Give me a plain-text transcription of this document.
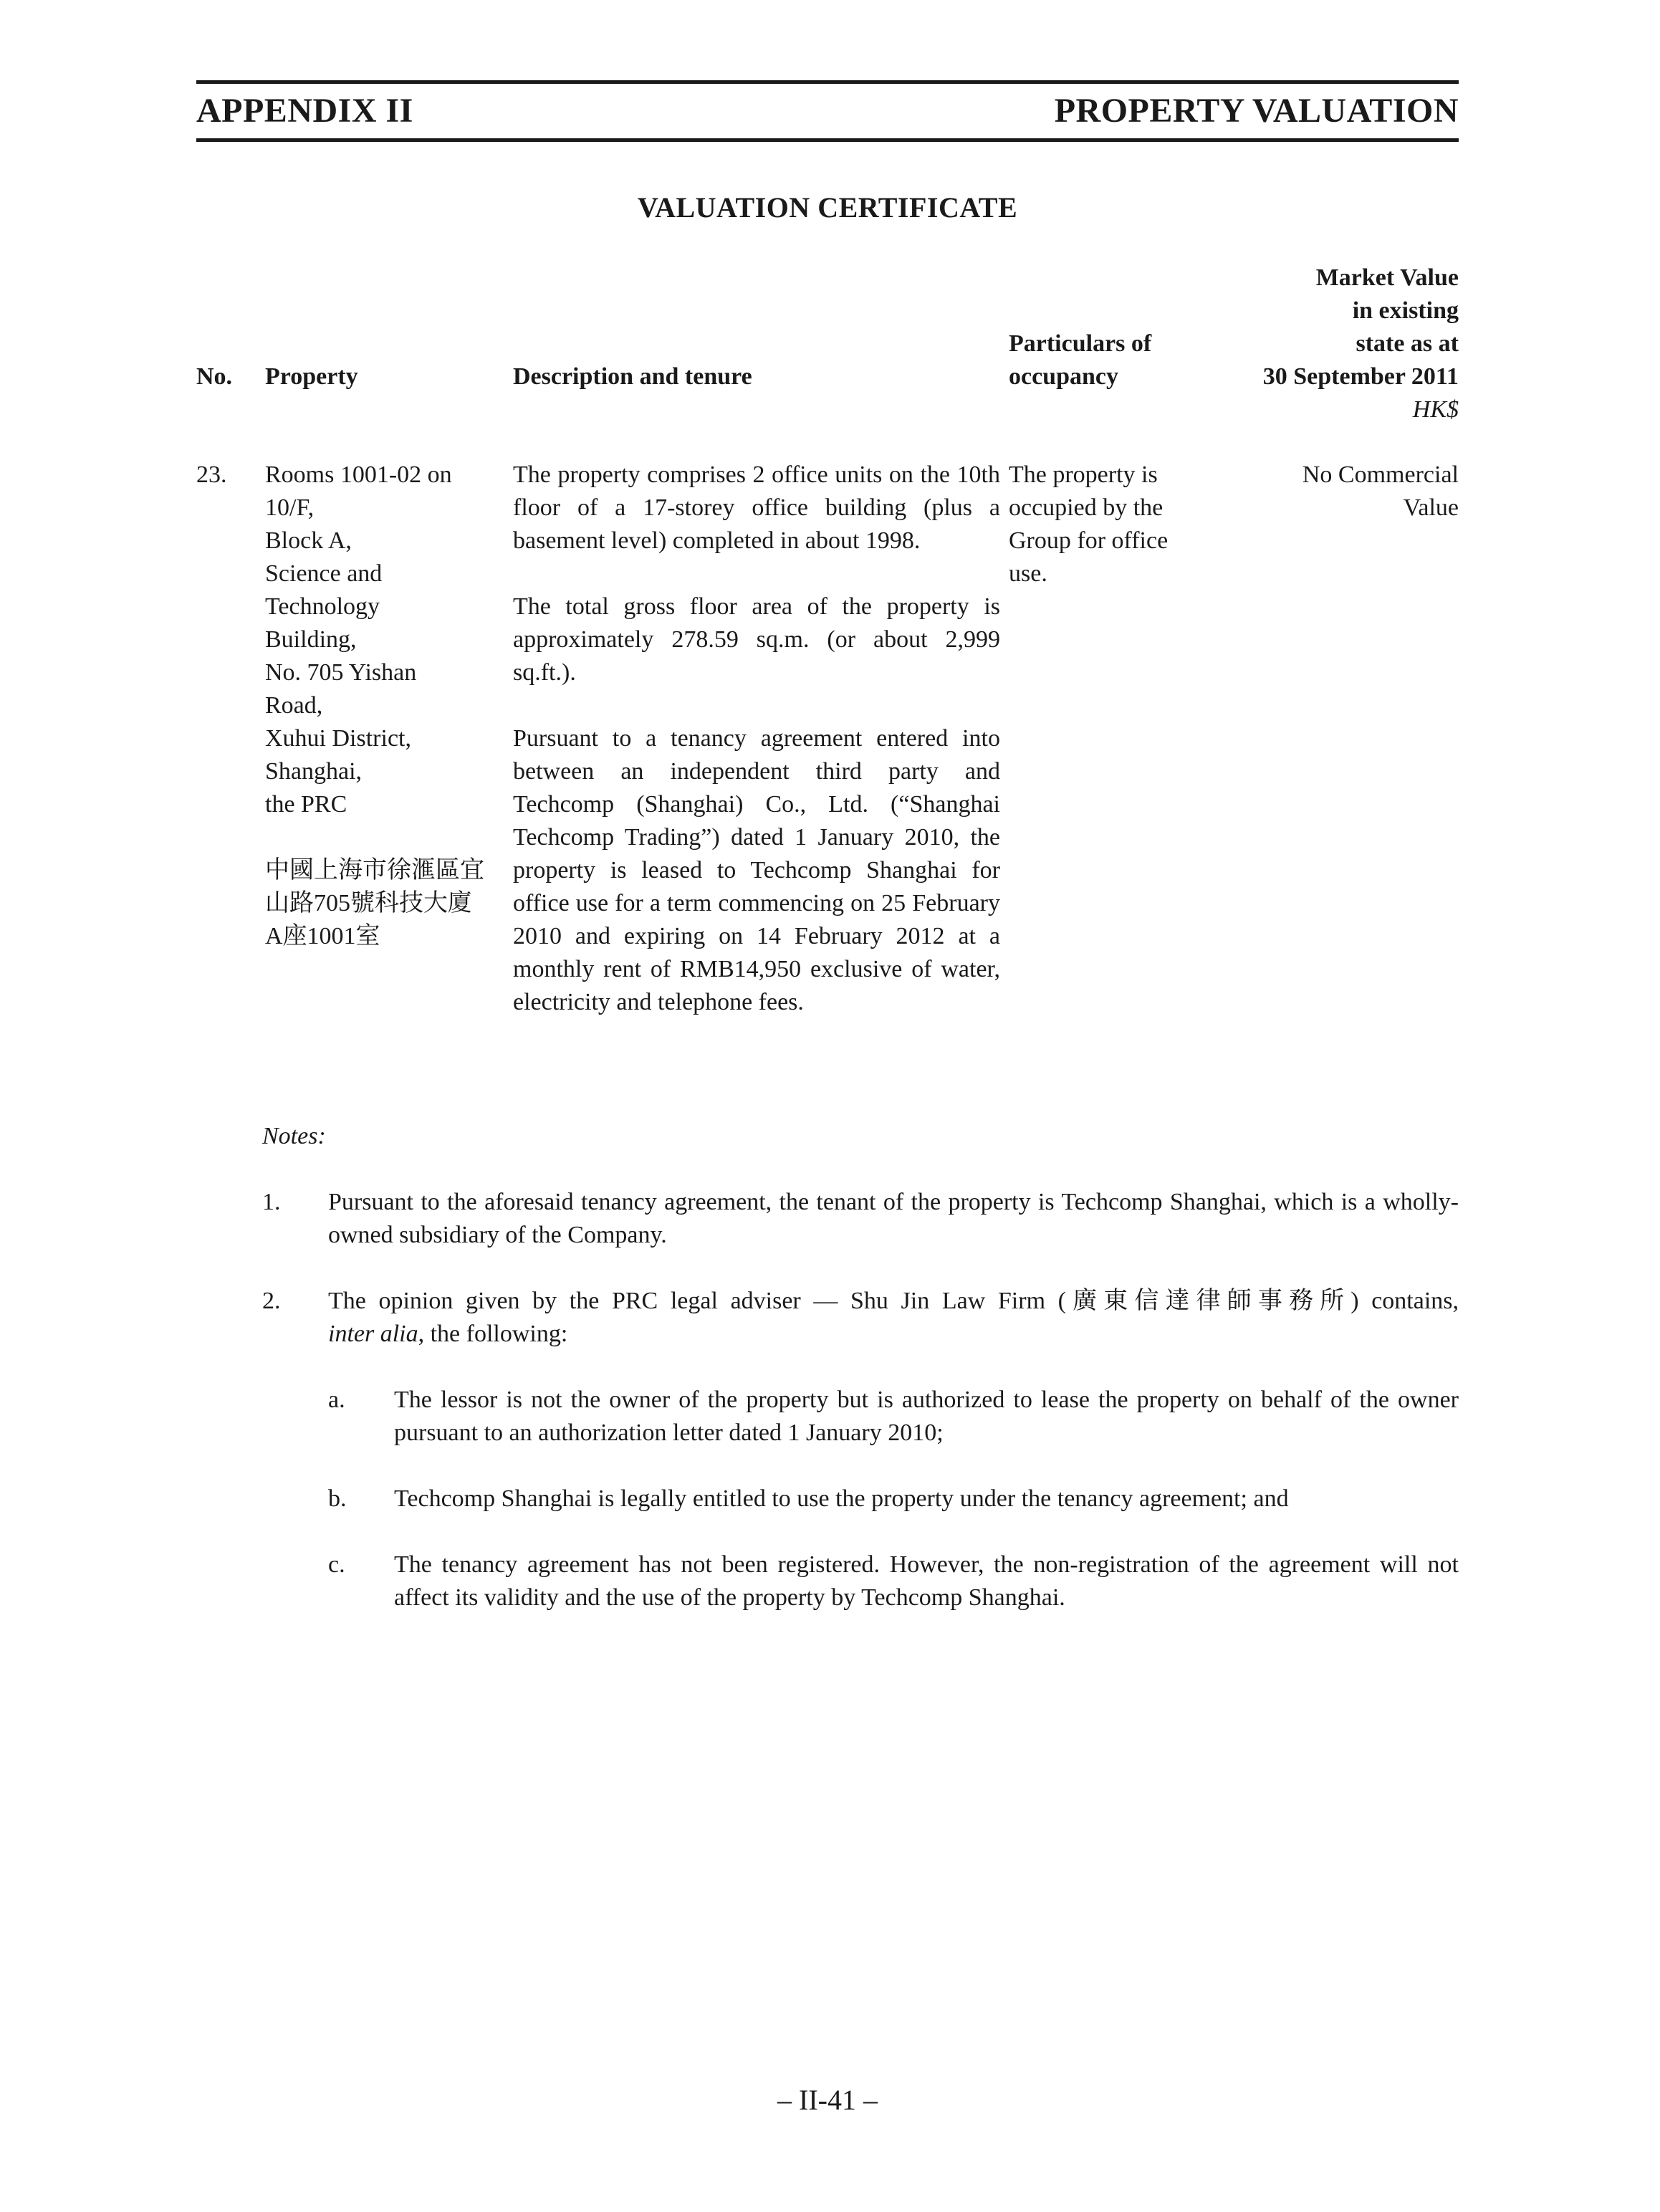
APPENDIX II	PROPERTY VALUATION
VALUATION CERTIFICATE
No. Property	Description and tenure
Particulars of
occupancy
Market Value
in existing
state as at
30 September 2011
HK$
23. Rooms 1001-02 on
10/F,
Block A,
Science and
Technology
Building,
No. 705 Yishan
Road,
Xuhui District,
Shanghai,
the PRC
中國上海市徐滙區宜
山路705號科技大廈
A座1001室

The property comprises 2 office units on the 10th floor of a 17-storey office building (plus a basement level) completed in about 1998.

The total gross floor area of the property is approximately 278.59 sq.m. (or about 2,999 sq.ft.).

Pursuant to a tenancy agreement entered into between an independent third party and Techcomp (Shanghai) Co., Ltd. (“Shanghai Techcomp Trading”) dated 1 January 2010, the property is leased to Techcomp Shanghai for office use for a term commencing on 25 February 2010 and expiring on 14 February 2012 at a monthly rent of RMB14,950 exclusive of water, electricity and telephone fees.

The property is
occupied by the
Group for office
use.
No Commercial
Value
Notes:
1. Pursuant to the aforesaid tenancy agreement, the tenant of the property is Techcomp Shanghai, which is a wholly-owned subsidiary of the Company.
2. The opinion given by the PRC legal adviser — Shu Jin Law Firm (廣東信達律師事務所) contains,
inter alia, the following:
a. The lessor is not the owner of the property but is authorized to lease the property on behalf of the owner pursuant to an authorization letter dated 1 January 2010;
b. Techcomp Shanghai is legally entitled to use the property under the tenancy agreement; and
c. The tenancy agreement has not been registered. However, the non-registration of the agreement will not affect its validity and the use of the property by Techcomp Shanghai.
– II-41 –
